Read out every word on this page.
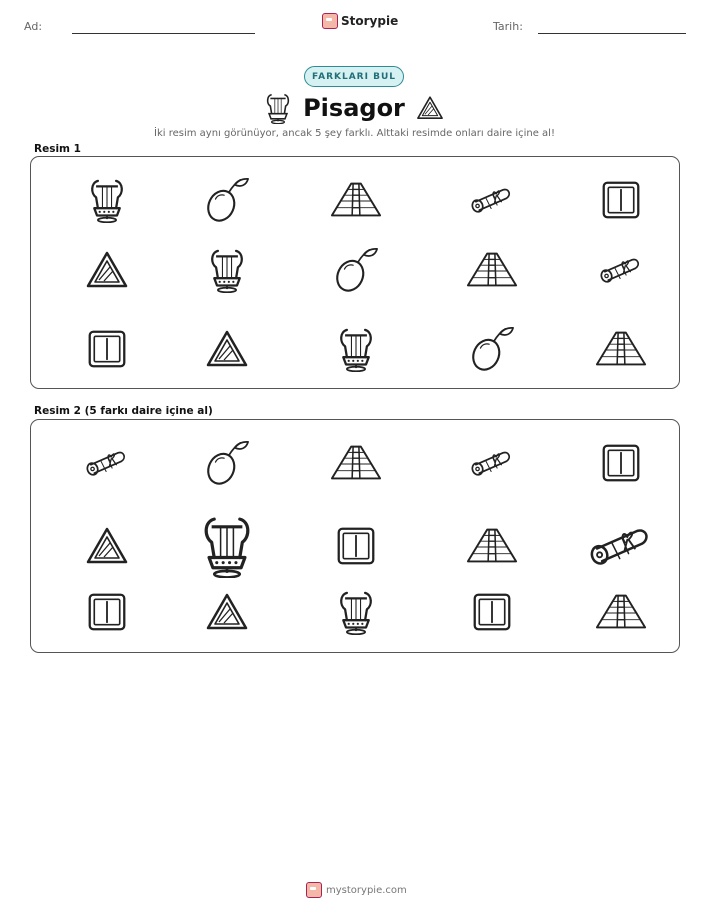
Ad:	Storypie	Tarih:
FARKLARI BUL
Pisagor
İki resim aynı görünüyor, ancak 5 şey farklı. Alttaki resimde onları daire içine al!
Resim 1
Resim 2 (5 farkı daire içine al)
mystorypie.com
